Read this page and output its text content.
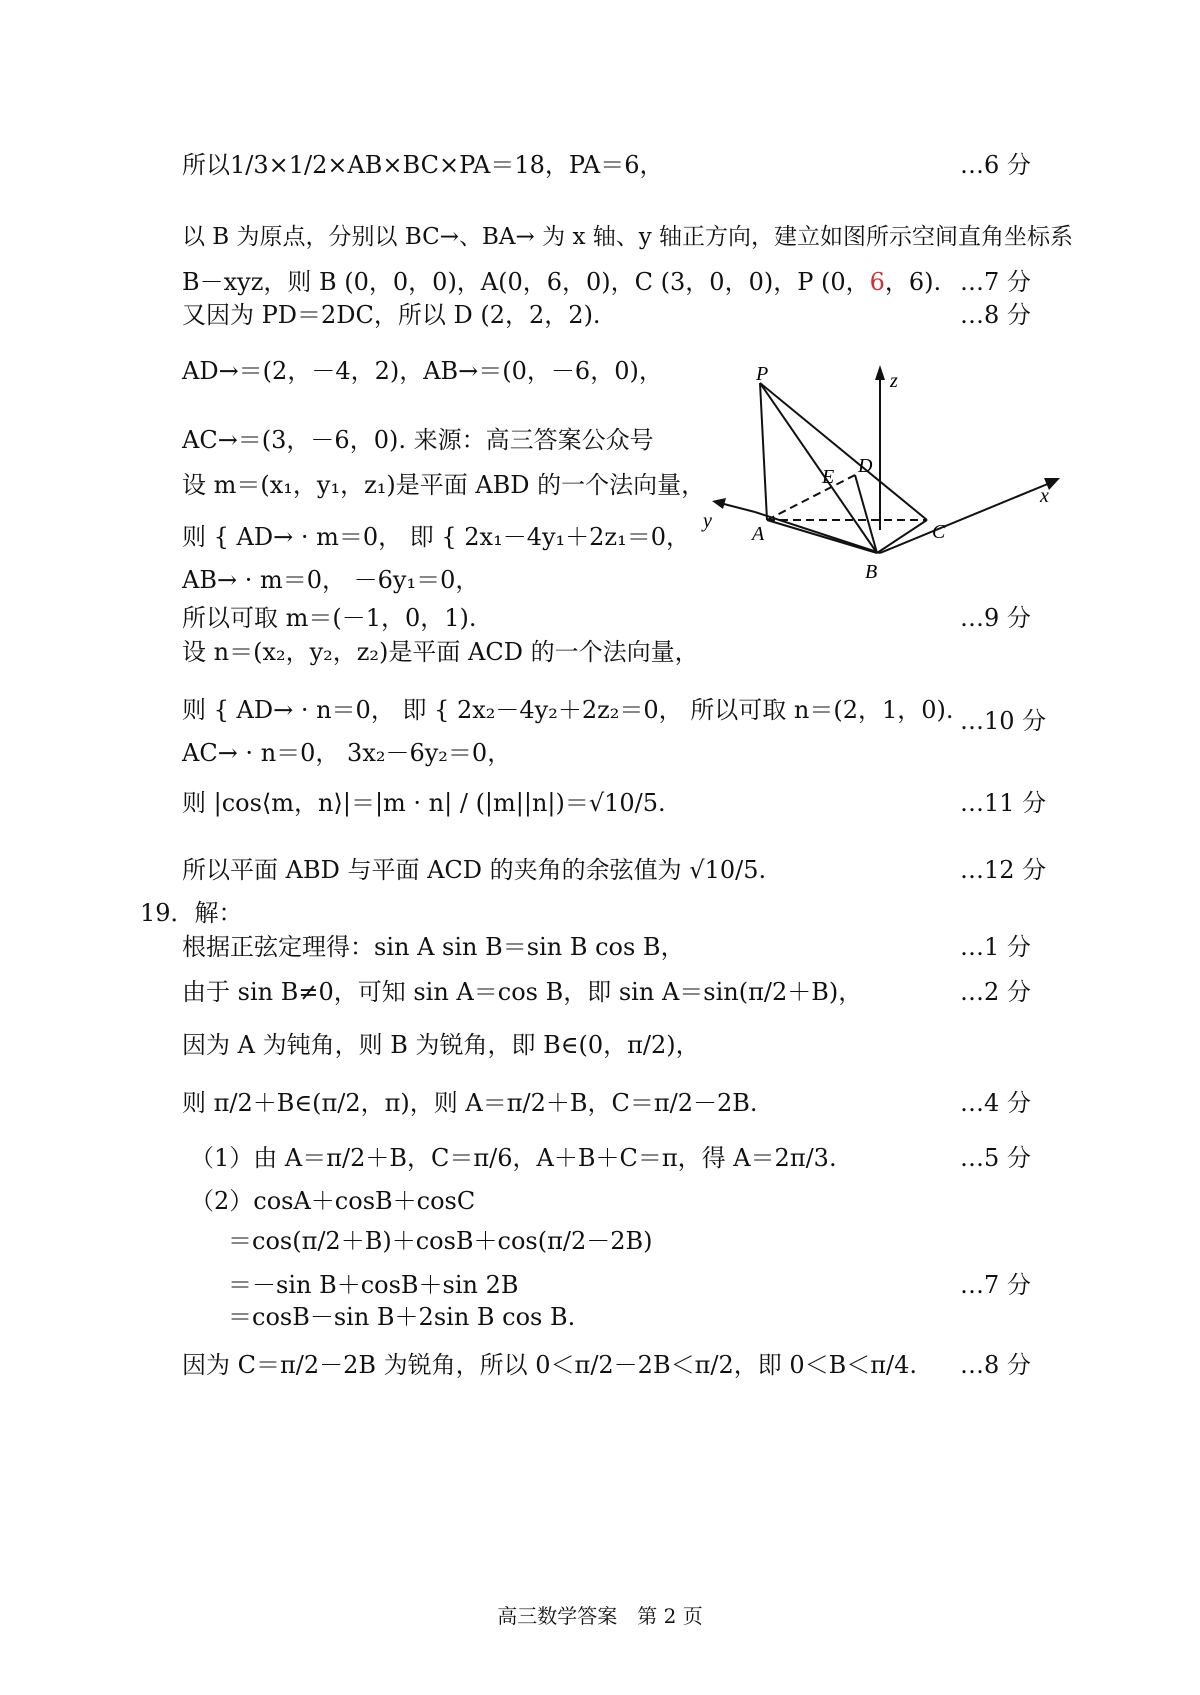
所以1/3×1/2×AB×BC×PA＝18，PA＝6，	…6 分
以 B 为原点，分别以 BC→、BA→ 为 x 轴、y 轴正方向，建立如图所示空间直角坐标系
B－xyz，则 B (0，0，0)，A(0，6，0)，C (3，0，0)，P (0，6，6). …7 分
又因为 PD＝2DC，所以 D (2，2，2).	…8 分
AD→＝(2，－4，2)，AB→＝(0，－6，0)，
AC→＝(3，－6，0). 来源：高三答案公众号
设 m＝(x₁，y₁，z₁)是平面 ABD 的一个法向量，
则 { AD→ · m＝0， 即 { 2x₁－4y₁＋2z₁＝0，
AB→ · m＝0， －6y₁＝0，
所以可取 m＝(－1，0，1).	…9 分
设 n＝(x₂，y₂，z₂)是平面 ACD 的一个法向量，
则 { AD→ · n＝0， 即 { 2x₂－4y₂＋2z₂＝0， 所以可取 n＝(2，1，0). …10 分
AC→ · n＝0， 3x₂－6y₂＝0，
则 |cos⟨m，n⟩|＝|m · n| / (|m||n|)＝√10/5.	…11 分
所以平面 ABD 与平面 ACD 的夹角的余弦值为 √10/5.	…12 分
19．解：
根据正弦定理得：sin A sin B＝sin B cos B，	…1 分
由于 sin B≠0，可知 sin A＝cos B，即 sin A＝sin(π/2＋B)，	…2 分
因为 A 为钝角，则 B 为锐角，即 B∈(0，π/2)，
则 π/2＋B∈(π/2，π)，则 A＝π/2＋B，C＝π/2－2B.	…4 分
（1）由 A＝π/2＋B，C＝π/6，A＋B＋C＝π，得 A＝2π/3.	…5 分
（2）cosA＋cosB＋cosC
＝cos(π/2＋B)＋cosB＋cos(π/2－2B)
＝－sin B＋cosB＋sin 2B	…7 分
＝cosB－sin B＋2sin B cos B.
因为 C＝π/2－2B 为锐角，所以 0＜π/2－2B＜π/2，即 0＜B＜π/4. …8 分
P	z
x
y
D
E
A	C
B
高三数学答案　第 2 页
